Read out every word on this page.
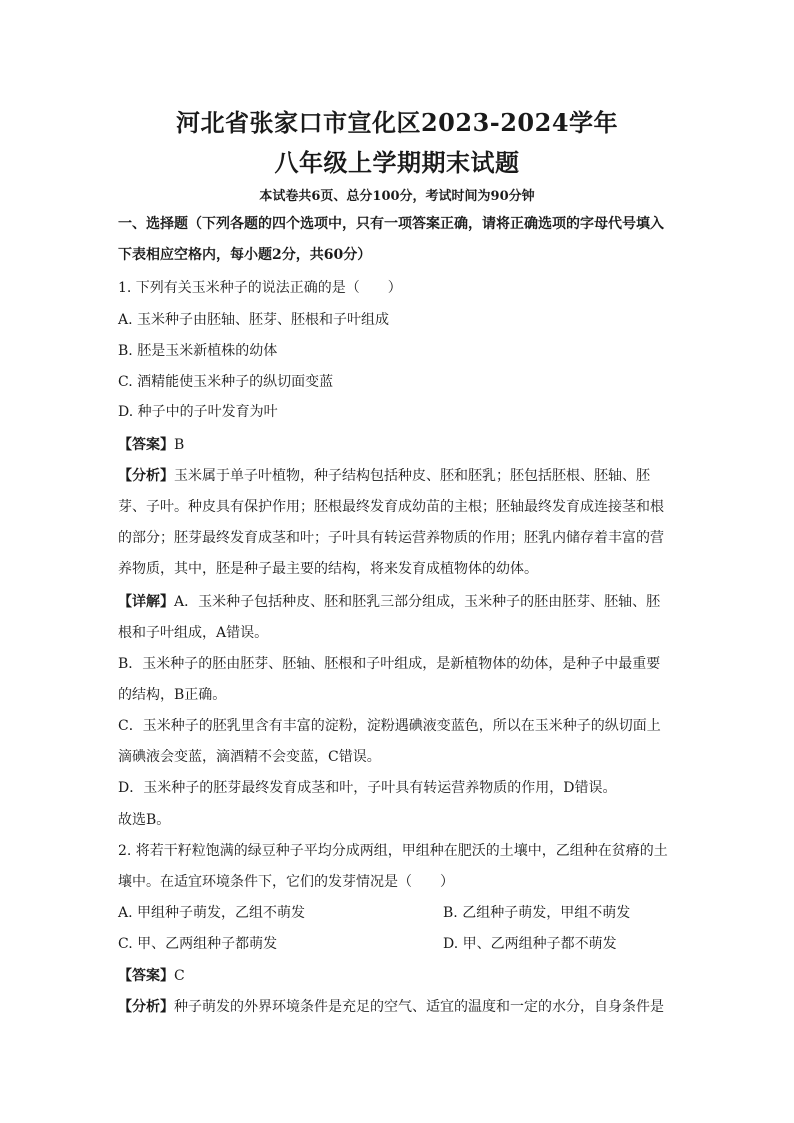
河北省张家口市宣化区2023-2024学年
八年级上学期期末试题
本试卷共6页、总分100分，考试时间为90分钟
一、选择题（下列各题的四个选项中，只有一项答案正确，请将正确选项的字母代号填入
下表相应空格内，每小题2分，共60分）
1. 下列有关玉米种子的说法正确的是（　　）
A. 玉米种子由胚轴、胚芽、胚根和子叶组成
B. 胚是玉米新植株的幼体
C. 酒精能使玉米种子的纵切面变蓝
D. 种子中的子叶发育为叶
【答案】B
【分析】玉米属于单子叶植物，种子结构包括种皮、胚和胚乳；胚包括胚根、胚轴、胚
芽、子叶。种皮具有保护作用；胚根最终发育成幼苗的主根；胚轴最终发育成连接茎和根
的部分；胚芽最终发育成茎和叶；子叶具有转运营养物质的作用；胚乳内储存着丰富的营
养物质，其中，胚是种子最主要的结构，将来发育成植物体的幼体。
【详解】A．玉米种子包括种皮、胚和胚乳三部分组成，玉米种子的胚由胚芽、胚轴、胚
根和子叶组成，A错误。
B．玉米种子的胚由胚芽、胚轴、胚根和子叶组成，是新植物体的幼体，是种子中最重要
的结构，B正确。
C．玉米种子的胚乳里含有丰富的淀粉，淀粉遇碘液变蓝色，所以在玉米种子的纵切面上
滴碘液会变蓝，滴酒精不会变蓝，C错误。
D．玉米种子的胚芽最终发育成茎和叶，子叶具有转运营养物质的作用，D错误。
故选B。
2. 将若干籽粒饱满的绿豆种子平均分成两组，甲组种在肥沃的土壤中，乙组种在贫瘠的土
壤中。在适宜环境条件下，它们的发芽情况是（　　）
A. 甲组种子萌发，乙组不萌发	B. 乙组种子萌发，甲组不萌发
C. 甲、乙两组种子都萌发	D. 甲、乙两组种子都不萌发
【答案】C
【分析】种子萌发的外界环境条件是充足的空气、适宜的温度和一定的水分，自身条件是
